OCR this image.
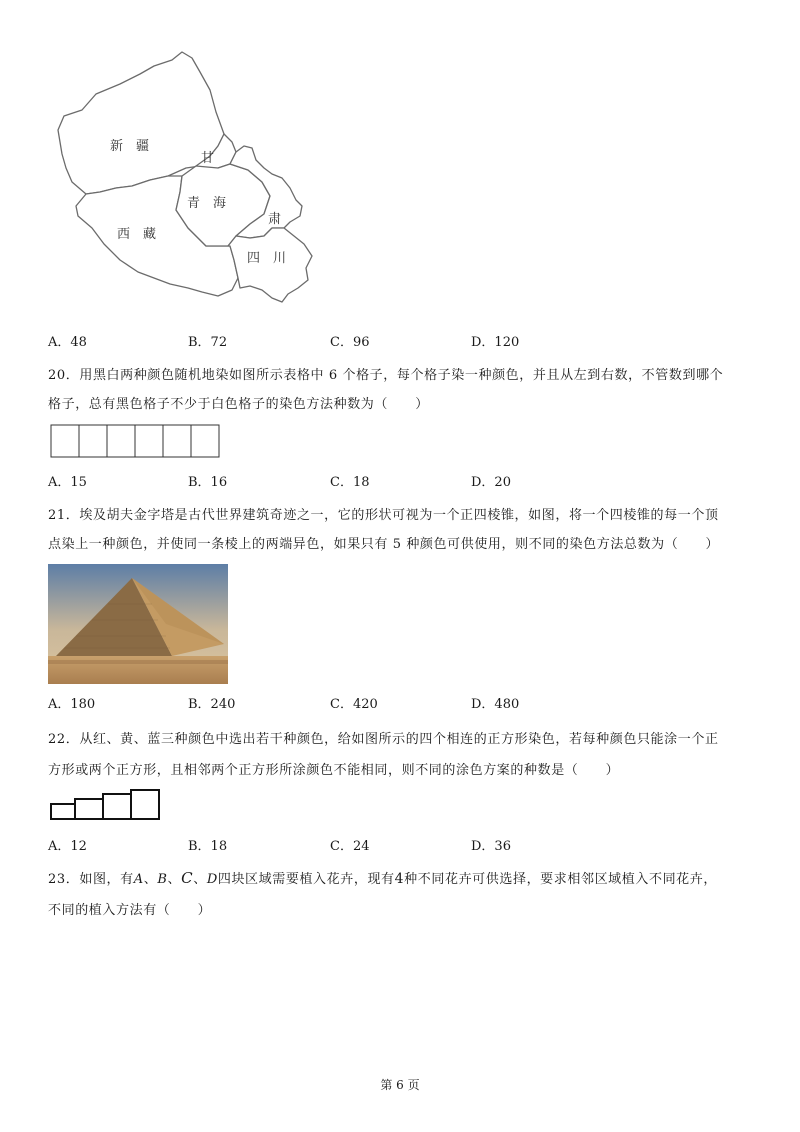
新　疆
甘
青　海
肃
西　藏
四　川
A．48	B．72	C．96	D．120
20．用黑白两种颜色随机地染如图所示表格中 6 个格子，每个格子染一种颜色，并且从左到右数，不管数到哪个
格子，总有黑色格子不少于白色格子的染色方法种数为（　　）
A．15	B．16	C．18	D．20
21．埃及胡夫金字塔是古代世界建筑奇迹之一，它的形状可视为一个正四棱锥，如图，将一个四棱锥的每一个顶
点染上一种颜色，并使同一条棱上的两端异色，如果只有 5 种颜色可供使用，则不同的染色方法总数为（　　）
A．180	B．240	C．420	D．480
22．从红、黄、蓝三种颜色中选出若干种颜色，给如图所示的四个相连的正方形染色，若每种颜色只能涂一个正
方形或两个正方形，且相邻两个正方形所涂颜色不能相同，则不同的涂色方案的种数是（　　）
A．12	B．18	C．24	D．36
23．如图，有A、B、C、D四块区域需要植入花卉，现有4种不同花卉可供选择，要求相邻区域植入不同花卉，
不同的植入方法有（　　）
第 6 页
